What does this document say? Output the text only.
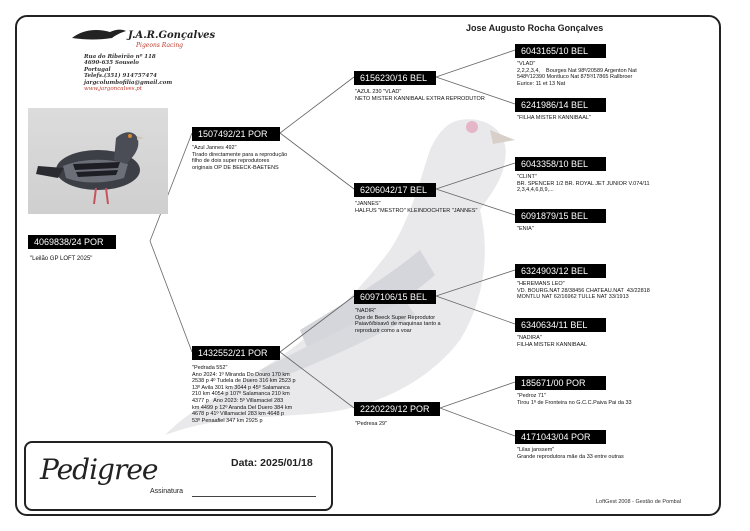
J.A.R.Gonçalves
Pigeons Racing
Rua do Ribeirão nº 118
4690-635 Souselo
Portugal
Telefs.(351) 914757474
jargcolumbofilia@gmail.com
www.jargoncalves.pt
Jose Augusto Rocha Gonçalves
4069838/24 POR
"Leilão GP LOFT 2025"
1507492/21 POR
"Azul Jannes 492"
Tirado directamente para a reprodução
filho de dois super reprodutores
originais OP DE BEECK-BAETENS
1432552/21 POR
"Pedrada 552"
Ano 2024: 1º Miranda Do Douro 170 km
2538 p 4º Tudela de Duero 316 km 2523 p
13º Avila 301 km 3044 p 45º Salamanca
210 km 4054 p 107º Salamanca 210 km
4377 p   Ano 2023: 5º Villamaciel 283
km 4499 p 12º Aranda Del Duero 384 km
4678 p 41º Villamaciel 283 km 4648 p
53º Penaafiel 347 km 2925 p
6156230/16 BEL
"AZUL 230 "VLAD"
NETO MISTER KANNIBAAL EXTRA REPRODUTOR
6206042/17 BEL
"JANNES"
HALFUS "MESTRO" KLEINDOCHTER "JANNES"
6097106/15 BEL
"NADIR"
Ope de Beeck Super Reprodutor
Paiavô/bisavô de maquinas tanto a
reproduzir como a voar
2220229/12 POR
"Pedresa 29"
6043165/10 BEL
"VLAD"
2,2,2,3,4,    Bourges Nat 98º/20589 Argenton Nat
548º/12390 Montluco Nat 875º/17865 Rallbroer
Eurice: 11 et 13 Nat
6241986/14 BEL
"FILHA MISTER KANNIBAAL"
6043358/10 BEL
"CLINT"
BR. SPENCER 1/2 BR. ROYAL JET JUNIOR V.074/11
2,3,4,4,6,8,9,...
6091879/15 BEL
"ENIA"
6324903/12 BEL
"HEREMANS LEO"
VD. BOURG.NAT 28/38456 CHATEAU.NAT  43/22818
MONTLU NAT 62/16962 TULLE NAT 33/1913
6340634/11 BEL
"NADIRA"
FILHA MISTER KANNIBAAL
185671/00 POR
"Pedroz 71"
Tirou 1º de Fronteira no G.C.C.Paiva Pai da 33
4171043/04 POR
"Lilas janssem"
Grande reprodutora mãe da 33 entre outras
Pedigree	Data: 2025/01/18
Assinatura
LoftGest 2008 - Gestão de Pombal
